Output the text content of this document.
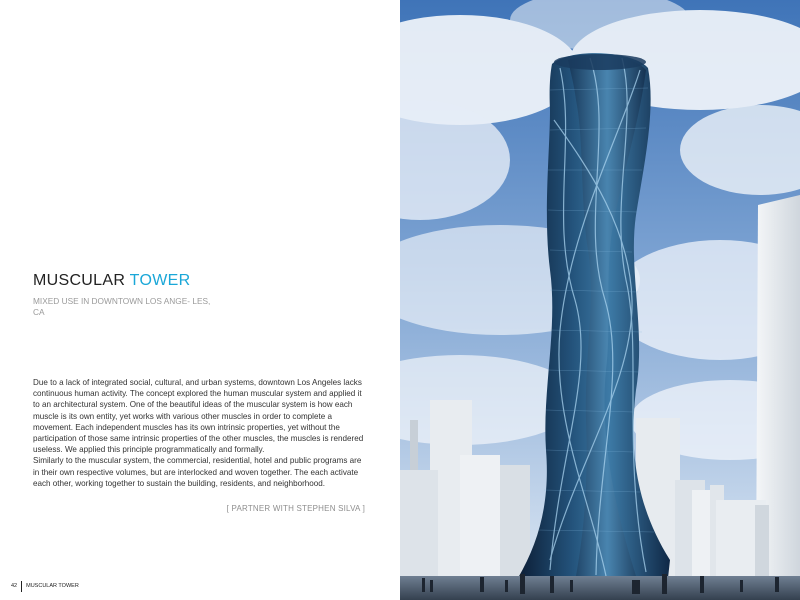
MUSCULAR TOWER

MIXED USE IN DOWNTOWN LOS ANGE- LES, CA

Due to a lack of integrated social, cultural, and urban systems, downtown Los Angeles lacks continuous human activity. The concept explored the human muscular system and applied it to an architectural system. One of the beautiful ideas of the muscular system is how each muscle is its own entity, yet works with various other muscles in order to complete a movement. Each independent muscles has its own intrinsic properties, yet without the participation of those same intrinsic properties of the other muscles, the muscles is rendered useless. We applied this principle programmatically and formally.

Similarly to the muscular system, the commercial, residential, hotel and public programs are in their own respective volumes, but are interlocked and woven together. The each activate each other, working together to sustain the building, residents, and neighborhood.

[ PARTNER WITH STEPHEN SILVA ]

42 MUSCULAR TOWER
